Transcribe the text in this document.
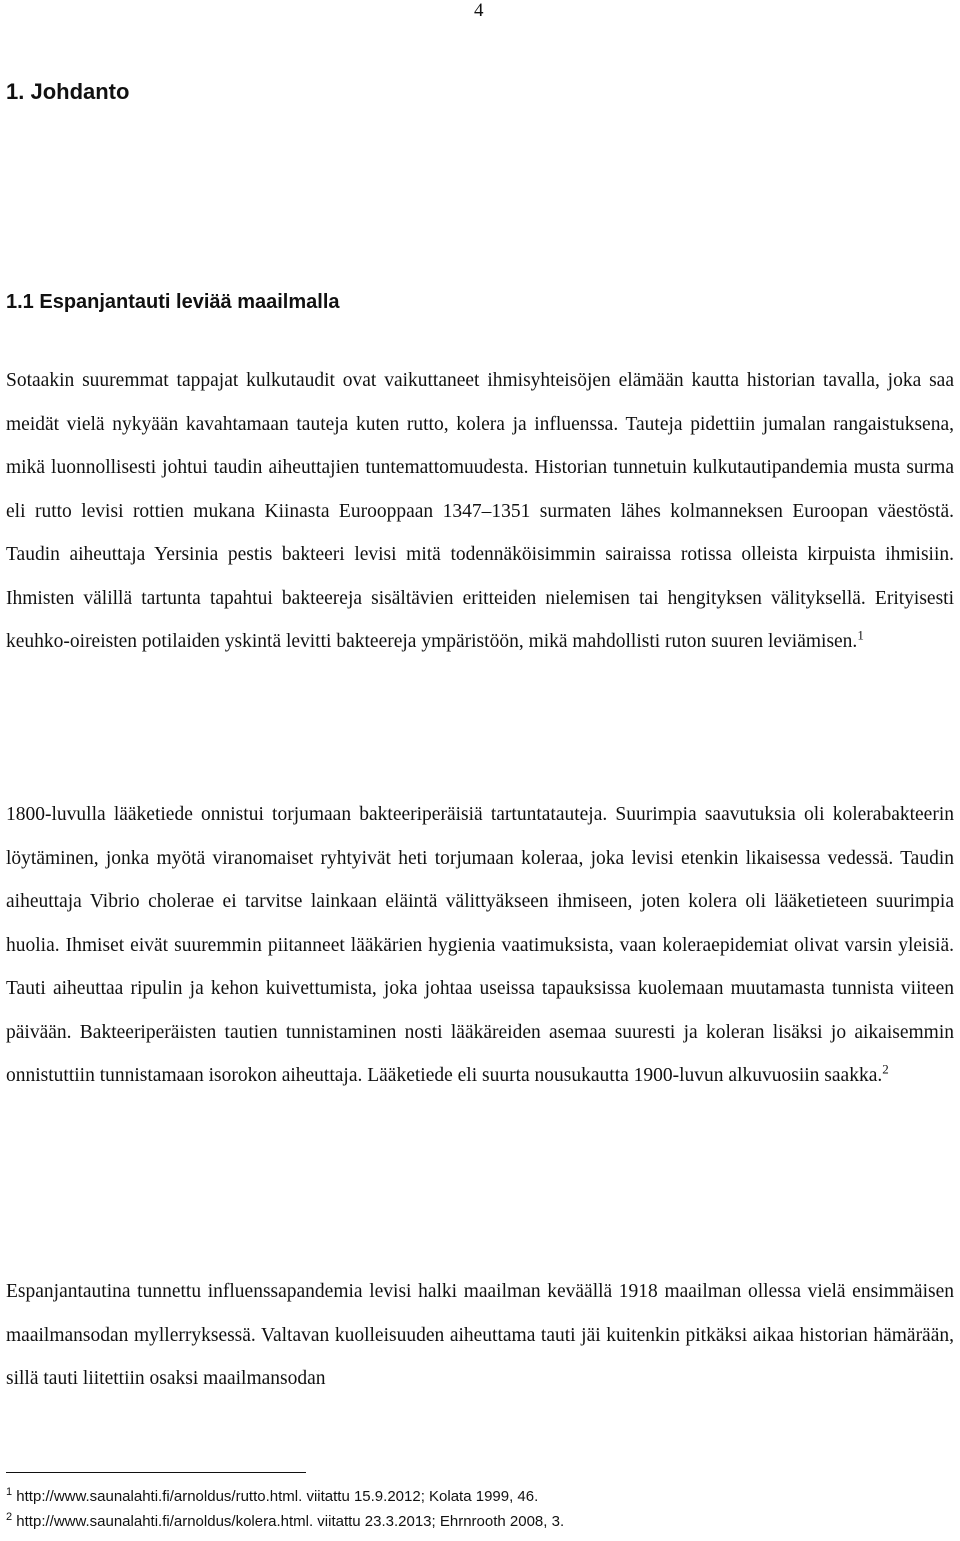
4
1. Johdanto
1.1 Espanjantauti leviää maailmalla

Sotaakin suuremmat tappajat kulkutaudit ovat vaikuttaneet ihmisyhteisöjen elämään kautta historian tavalla, joka saa meidät vielä nykyään kavahtamaan tauteja kuten rutto, kolera ja influenssa. Tauteja pidettiin jumalan rangaistuksena, mikä luonnollisesti johtui taudin aiheuttajien tuntemattomuudesta. Historian tunnetuin kulkutautipandemia musta surma eli rutto levisi rottien mukana Kiinasta Eurooppaan 1347–1351 surmaten lähes kolmanneksen Euroopan väestöstä. Taudin aiheuttaja Yersinia pestis bakteeri levisi mitä todennäköisimmin sairaissa rotissa olleista kirpuista ihmisiin. Ihmisten välillä tartunta tapahtui bakteereja sisältävien eritteiden nielemisen tai hengityksen välityksellä. Erityisesti keuhko-oireisten potilaiden yskintä levitti bakteereja ympäristöön, mikä mahdollisti ruton suuren leviämisen.$^1$

1800-luvulla lääketiede onnistui torjumaan bakteeriperäisiä tartuntatauteja. Suurimpia saavutuksia oli kolerabakteerin löytäminen, jonka myötä viranomaiset ryhtyivät heti torjumaan koleraa, joka levisi etenkin likaisessa vedessä. Taudin aiheuttaja Vibrio cholerae ei tarvitse lainkaan eläintä välittyäkseen ihmiseen, joten kolera oli lääketieteen suurimpia huolia. Ihmiset eivät suuremmin piitanneet lääkärien hygienia vaatimuksista, vaan koleraepidemiat olivat varsin yleisiä. Tauti aiheuttaa ripulin ja kehon kuivettumista, joka johtaa useissa tapauksissa kuolemaan muutamasta tunnista viiteen päivään. Bakteeriperäisten tautien tunnistaminen nosti lääkäreiden asemaa suuresti ja koleran lisäksi jo aikaisemmin onnistuttiin tunnistamaan isorokon aiheuttaja. Lääketiede eli suurta nousukautta 1900-luvun alkuvuosiin saakka.$^2$

Espanjantautina tunnettu influenssapandemia levisi halki maailman keväällä 1918 maailman ollessa vielä ensimmäisen maailmansodan myllerryksessä. Valtavan kuolleisuuden aiheuttama tauti jäi kuitenkin pitkäksi aikaa historian hämärään, sillä tauti liitettiin osaksi maailmansodan

$^1$ http://www.saunalahti.fi/arnoldus/rutto.html. viitattu 15.9.2012; Kolata 1999, 46.
$^2$ http://www.saunalahti.fi/arnoldus/kolera.html. viitattu 23.3.2013; Ehrnrooth 2008, 3.
